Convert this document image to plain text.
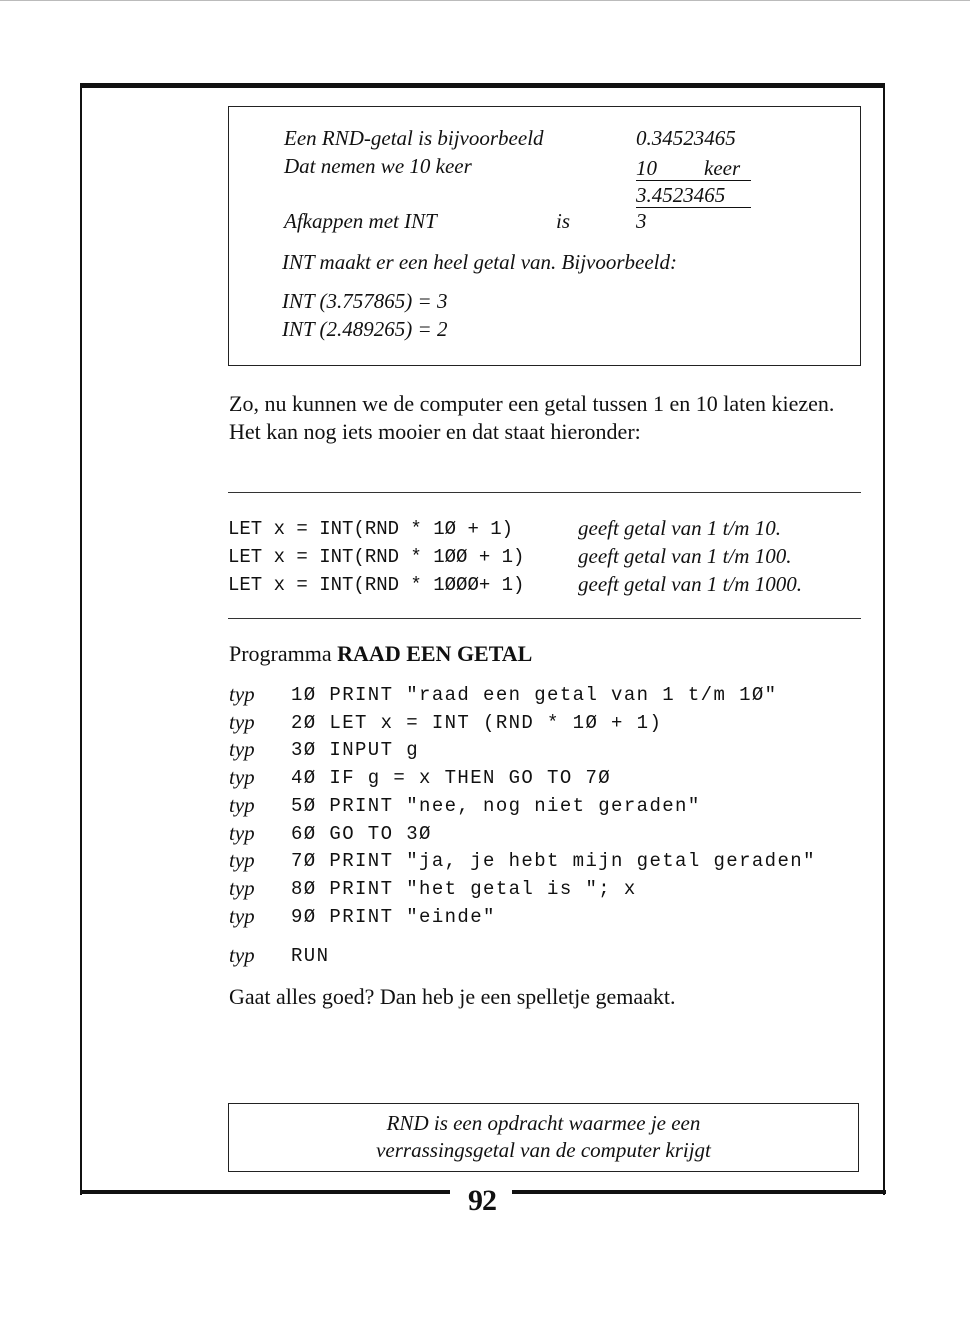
Een RND-getal is bijvoorbeeld	0.34523465
Dat nemen we 10 keer	10 keer
3.4523465
Afkappen met INT	is	3
INT maakt er een heel getal van. Bijvoorbeeld:
INT (3.757865) = 3
INT (2.489265) = 2
Zo, nu kunnen we de computer een getal tussen 1 en 10 laten kiezen. Het kan nog iets mooier en dat staat hieronder:
LET x = INT(RND * 1Ø + 1)	geeft getal van 1 t/m 10.
LET x = INT(RND * 1ØØ + 1)	geeft getal van 1 t/m 100.
LET x = INT(RND * 1ØØØ+ 1)	geeft getal van 1 t/m 1000.
Programma RAAD EEN GETAL
typ 1Ø PRINT "raad een getal van 1 t/m 1Ø"
typ 2Ø LET x = INT (RND * 1Ø + 1)
typ 3Ø INPUT g
typ 4Ø IF g = x THEN GO TO 7Ø
typ 5Ø PRINT "nee, nog niet geraden"
typ 6Ø GO TO 3Ø
typ 7Ø PRINT "ja, je hebt mijn getal geraden"
typ 8Ø PRINT "het getal is "; x
typ 9Ø PRINT "einde"
typ RUN
Gaat alles goed? Dan heb je een spelletje gemaakt.
RND is een opdracht waarmee je een
verrassingsgetal van de computer krijgt
92
